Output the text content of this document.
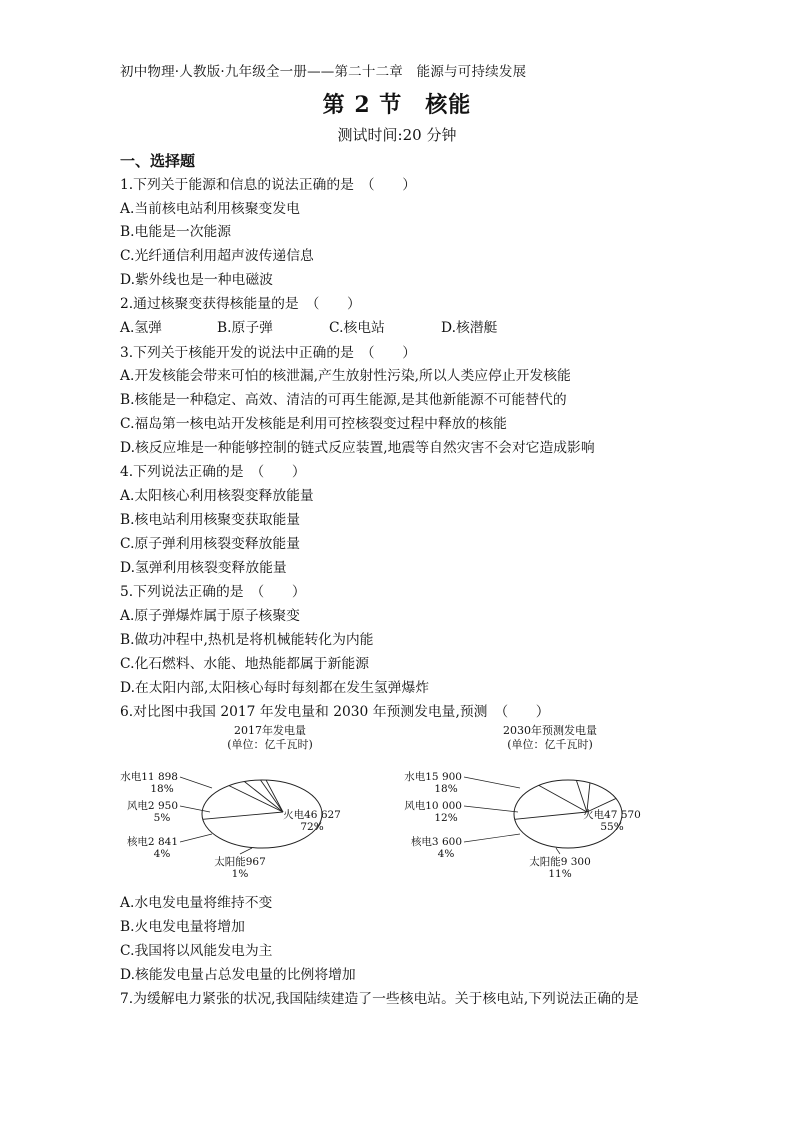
初中物理·人教版·九年级全一册——第二十二章　能源与可持续发展
第 2 节　核能
测试时间:20 分钟
一、选择题
1.下列关于能源和信息的说法正确的是　（　　）
A.当前核电站利用核聚变发电
B.电能是一次能源
C.光纤通信利用超声波传递信息
D.紫外线也是一种电磁波
2.通过核聚变获得核能量的是　（　　）
A.氢弹	B.原子弹	C.核电站	D.核潜艇
3.下列关于核能开发的说法中正确的是　（　　）
A.开发核能会带来可怕的核泄漏,产生放射性污染,所以人类应停止开发核能
B.核能是一种稳定、高效、清洁的可再生能源,是其他新能源不可能替代的
C.福岛第一核电站开发核能是利用可控核裂变过程中释放的核能
D.核反应堆是一种能够控制的链式反应装置,地震等自然灾害不会对它造成影响
4.下列说法正确的是　（　　）
A.太阳核心利用核裂变释放能量
B.核电站利用核聚变获取能量
C.原子弹利用核裂变释放能量
D.氢弹利用核裂变释放能量
5.下列说法正确的是　（　　）
A.原子弹爆炸属于原子核聚变
B.做功冲程中,热机是将机械能转化为内能
C.化石燃料、水能、地热能都属于新能源
D.在太阳内部,太阳核心每时每刻都在发生氢弹爆炸
6.对比图中我国 2017 年发电量和 2030 年预测发电量,预测　（　　）
2017年发电量
(单位：亿千瓦时)
水电11 898
18%
风电2 950
5%
核电2 841
4%
太阳能967
1%
火电46 627
72%
2030年预测发电量
(单位：亿千瓦时)
水电15 900
18%
风电10 000
12%
核电3 600
4%
太阳能9 300
11%
火电47 570
55%
A.水电发电量将维持不变
B.火电发电量将增加
C.我国将以风能发电为主
D.核能发电量占总发电量的比例将增加
7.为缓解电力紧张的状况,我国陆续建造了一些核电站。关于核电站,下列说法正确的是
